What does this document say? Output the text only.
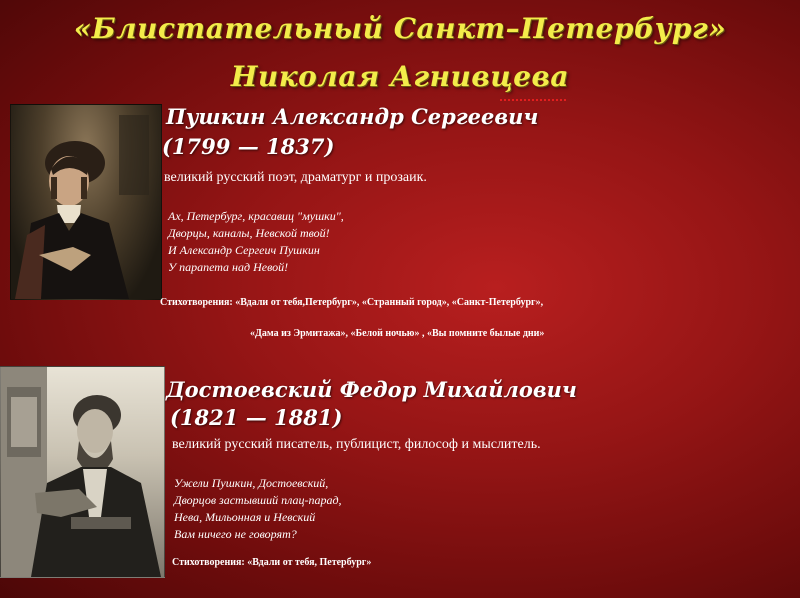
«Блистательный Санкт–Петербург»
Николая Агнивцева
Пушкин Александр Сергеевич
(1799 — 1837)
великий русский поэт, драматург и прозаик.
Ах, Петербург, красавиц "мушки",
Дворцы, каналы, Невской твой!
И Александр Сергеич Пушкин
У парапета над Невой!
Стихотворения: «Вдали от тебя,Петербург», «Странный город», «Санкт-Петербург»,
«Дама из Эрмитажа», «Белой ночью» , «Вы помните былые дни»
Достоевский Федор Михайлович
(1821 — 1881)
великий русский писатель, публицист, философ и мыслитель.
Ужели Пушкин, Достоевский,
Дворцов застывший плац-парад,
Нева, Мильонная и Невский
Вам ничего не говорят?
Стихотворения: «Вдали от тебя, Петербург»
